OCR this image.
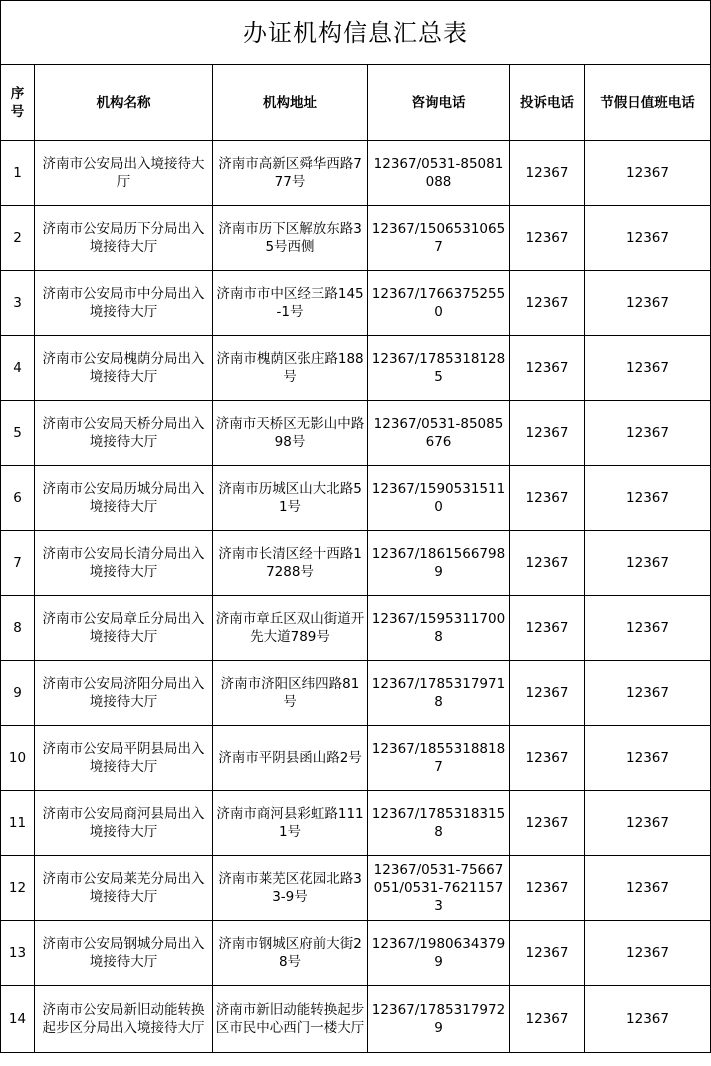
办证机构信息汇总表					
序号	机构名称	机构地址	咨询电话	投诉电话	节假日值班电话
1	济南市公安局出入境接待大厅	济南市高新区舜华西路777号	12367/0531-85081088	12367	12367
2	济南市公安局历下分局出入境接待大厅	济南市历下区解放东路35号西侧	12367/15065310657	12367	12367
3	济南市公安局市中分局出入境接待大厅	济南市市中区经三路145-1号	12367/17663752550	12367	12367
4	济南市公安局槐荫分局出入境接待大厅	济南市槐荫区张庄路188号	12367/17853181285	12367	12367
5	济南市公安局天桥分局出入境接待大厅	济南市天桥区无影山中路98号	12367/0531-85085676	12367	12367
6	济南市公安局历城分局出入境接待大厅	济南市历城区山大北路51号	12367/15905315110	12367	12367
7	济南市公安局长清分局出入境接待大厅	济南市长清区经十西路17288号	12367/18615667989	12367	12367
8	济南市公安局章丘分局出入境接待大厅	济南市章丘区双山街道开先大道789号	12367/15953117008	12367	12367
9	济南市公安局济阳分局出入境接待大厅	济南市济阳区纬四路81号	12367/17853179718	12367	12367
10	济南市公安局平阴县局出入境接待大厅	济南市平阴县函山路2号	12367/18553188187	12367	12367
11	济南市公安局商河县局出入境接待大厅	济南市商河县彩虹路1111号	12367/17853183158	12367	12367
12	济南市公安局莱芜分局出入境接待大厅	济南市莱芜区花园北路33-9号	12367/0531-75667051/0531-76211573	12367	12367
13	济南市公安局钢城分局出入境接待大厅	济南市钢城区府前大街28号	12367/19806343799	12367	12367
14	济南市公安局新旧动能转换起步区分局出入境接待大厅	济南市新旧动能转换起步区市民中心西门一楼大厅	12367/17853179729	12367	12367
